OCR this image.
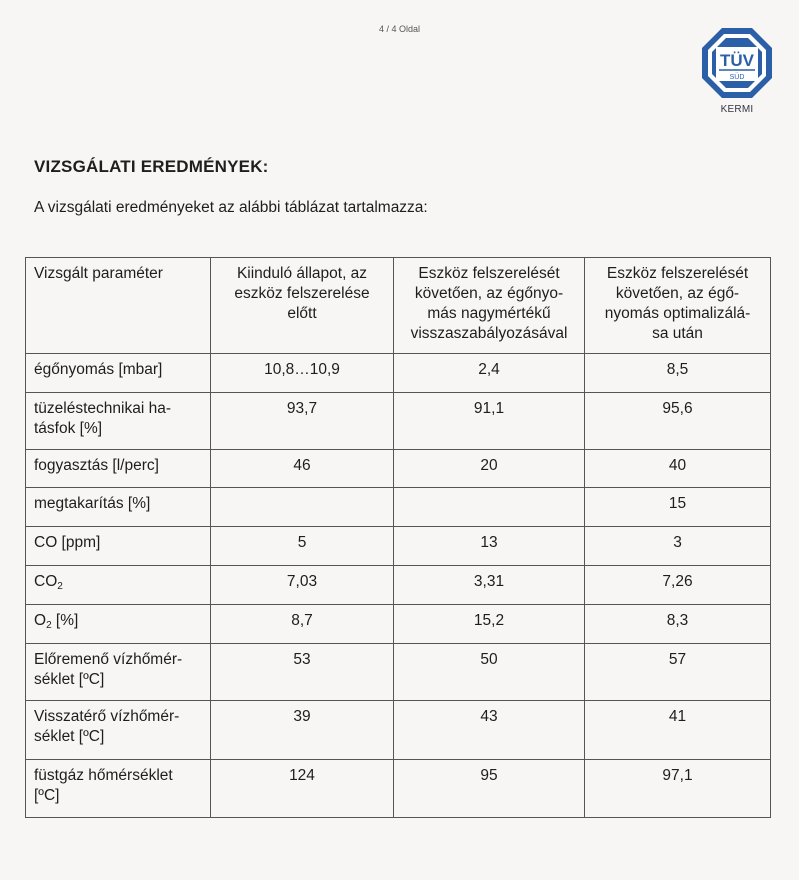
4 / 4 Oldal
TÜV
SÜD
KERMI
VIZSGÁLATI EREDMÉNYEK:
A vizsgálati eredményeket az alábbi táblázat tartalmazza:
Vizsgált paraméter	Kiinduló állapot, az
eszköz felszerelése
előtt	Eszköz felszerelését
követően, az égőnyo-
más nagymértékű
visszaszabályozásával	Eszköz felszerelését
követően, az égő-
nyomás optimalizálá-
sa után
égőnyomás [mbar]	10,8…10,9	2,4	8,5
tüzeléstechnikai ha-
tásfok [%]	93,7	91,1	95,6
fogyasztás [l/perc]	46	20	40
megtakarítás [%]			15
CO [ppm]	5	13	3
$CO_2$	7,03	3,31	7,26
$O_2$ [%]	8,7	15,2	8,3
Előremenő vízhőmér-
séklet [ºC]	53	50	57
Visszatérő vízhőmér-
séklet [ºC]	39	43	41
füstgáz hőmérséklet
[ºC]	124	95	97,1
